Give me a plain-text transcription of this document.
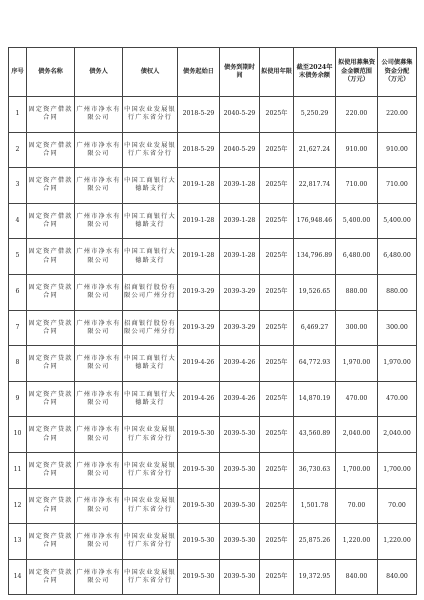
序号	债务名称	债务人	债权人	债务起始日	债务到期时间	拟使用年限	截至2024年末债务余额	拟使用募集资金金额范围（万元）	公司债募集资金分配（万元）
1	固定资产借款合同	广州市净水有限公司	中国农业发展银行广东省分行	2018-5-29	2040-5-29	2025年	5,250.29	220.00	220.00
2	固定资产借款合同	广州市净水有限公司	中国农业发展银行广东省分行	2018-5-29	2040-5-29	2025年	21,627.24	910.00	910.00
3	固定资产借款合同	广州市净水有限公司	中国工商银行大德路支行	2019-1-28	2039-1-28	2025年	22,817.74	710.00	710.00
4	固定资产借款合同	广州市净水有限公司	中国工商银行大德路支行	2019-1-28	2039-1-28	2025年	176,948.46	5,400.00	5,400.00
5	固定资产借款合同	广州市净水有限公司	中国工商银行大德路支行	2019-1-28	2039-1-28	2025年	134,796.89	6,480.00	6,480.00
6	固定资产贷款合同	广州市净水有限公司	招商银行股份有限公司广州分行	2019-3-29	2039-3-29	2025年	19,526.65	880.00	880.00
7	固定资产贷款合同	广州市净水有限公司	招商银行股份有限公司广州分行	2019-3-29	2039-3-29	2025年	6,469.27	300.00	300.00
8	固定资产贷款合同	广州市净水有限公司	中国工商银行大德路支行	2019-4-26	2039-4-26	2025年	64,772.93	1,970.00	1,970.00
9	固定资产贷款合同	广州市净水有限公司	中国工商银行大德路支行	2019-4-26	2039-4-26	2025年	14,870.19	470.00	470.00
10	固定资产贷款合同	广州市净水有限公司	中国农业发展银行广东省分行	2019-5-30	2039-5-30	2025年	43,560.89	2,040.00	2,040.00
11	固定资产贷款合同	广州市净水有限公司	中国农业发展银行广东省分行	2019-5-30	2039-5-30	2025年	36,730.63	1,700.00	1,700.00
12	固定资产贷款合同	广州市净水有限公司	中国农业发展银行广东省分行	2019-5-30	2039-5-30	2025年	1,501.78	70.00	70.00
13	固定资产贷款合同	广州市净水有限公司	中国农业发展银行广东省分行	2019-5-30	2039-5-30	2025年	25,875.26	1,220.00	1,220.00
14	固定资产贷款合同	广州市净水有限公司	中国农业发展银行广东省分行	2019-5-30	2039-5-30	2025年	19,372.95	840.00	840.00
